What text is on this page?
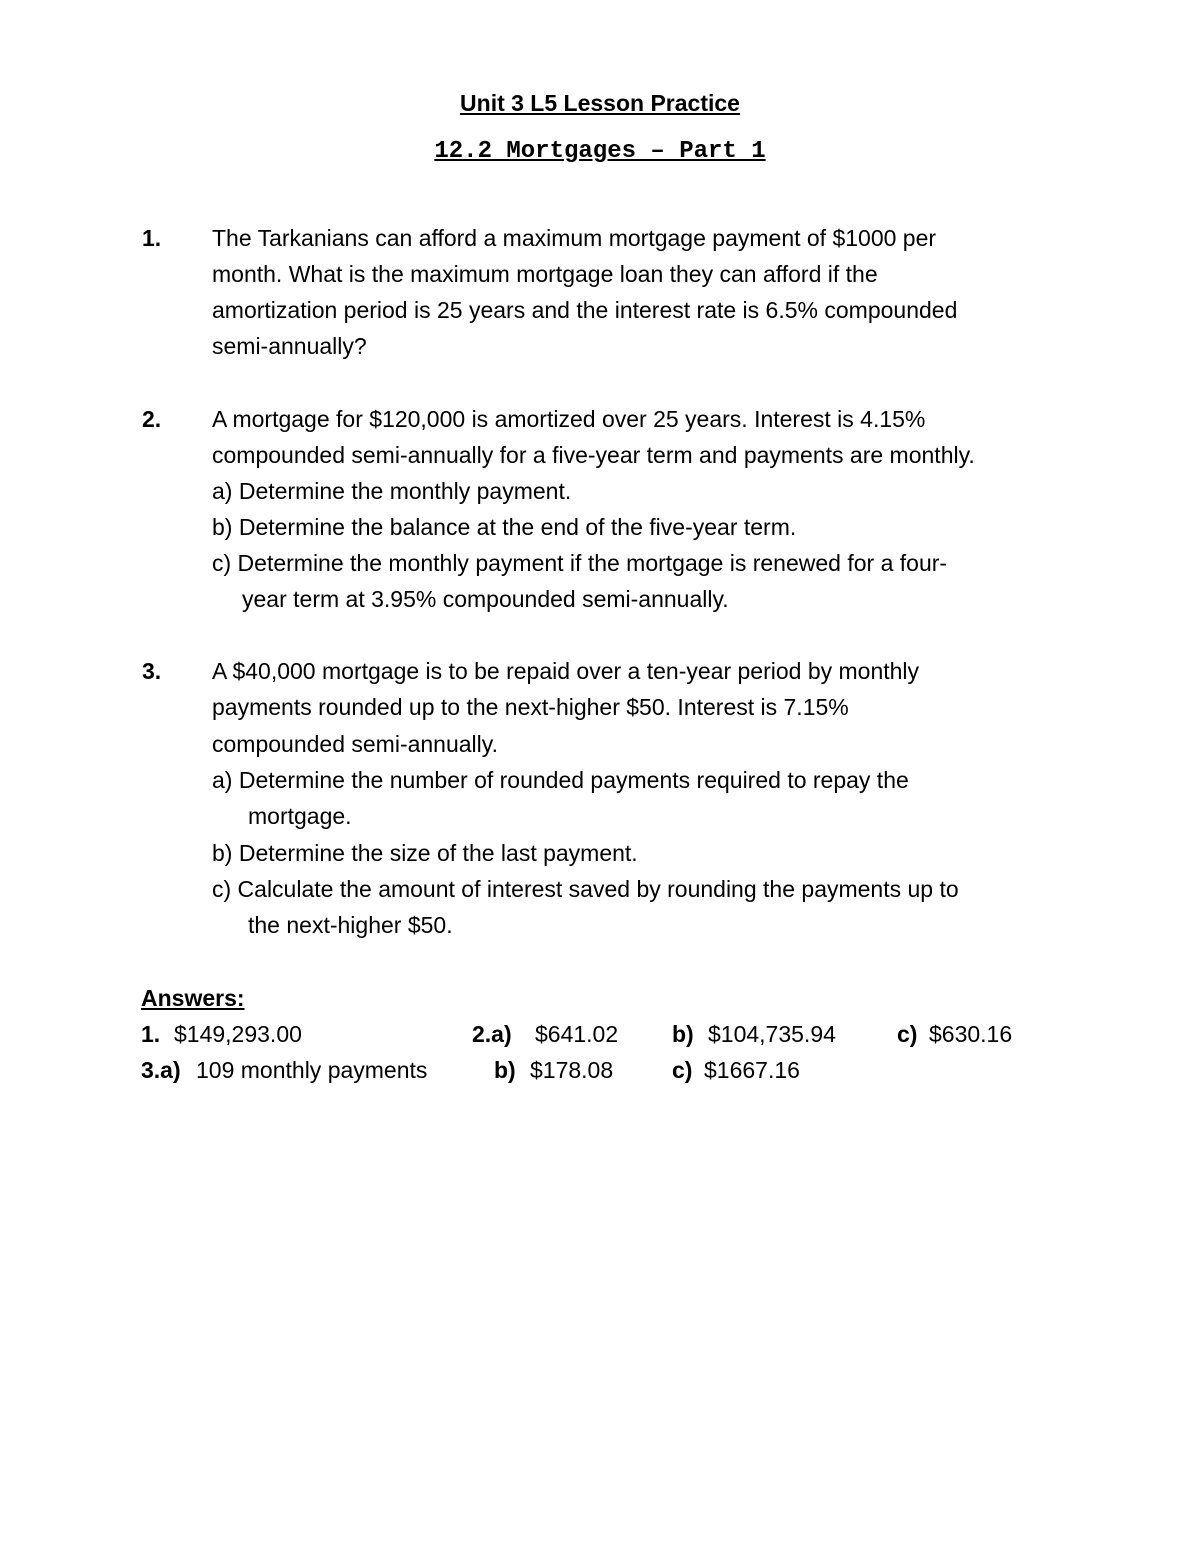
Unit 3 L5 Lesson Practice
12.2 Mortgages – Part 1
1. The Tarkanians can afford a maximum mortgage payment of $1000 per
month. What is the maximum mortgage loan they can afford if the
amortization period is 25 years and the interest rate is 6.5% compounded
semi-annually?
2. A mortgage for $120,000 is amortized over 25 years. Interest is 4.15%
compounded semi-annually for a five-year term and payments are monthly.
a) Determine the monthly payment.
b) Determine the balance at the end of the five-year term.
c) Determine the monthly payment if the mortgage is renewed for a four-
year term at 3.95% compounded semi-annually.
3. A $40,000 mortgage is to be repaid over a ten-year period by monthly
payments rounded up to the next-higher $50. Interest is 7.15%
compounded semi-annually.
a) Determine the number of rounded payments required to repay the
mortgage.
b) Determine the size of the last payment.
c) Calculate the amount of interest saved by rounding the payments up to
the next-higher $50.
Answers:
1. $149,293.00	2.a) $641.02 b) $104,735.94	c) $630.16
3.a) 109 monthly payments	b) $178.08	c) $1667.16
